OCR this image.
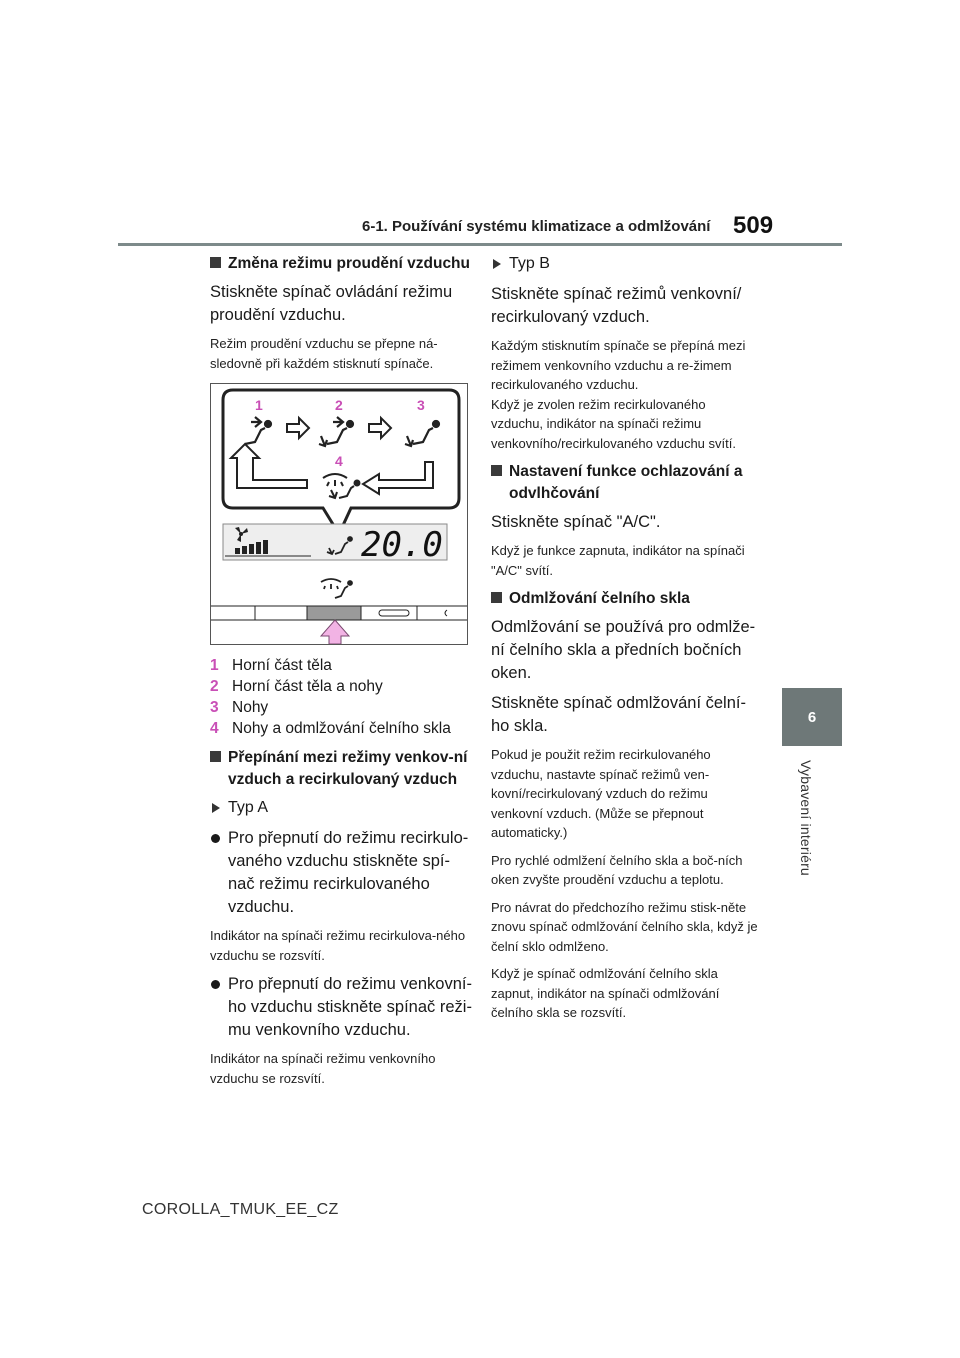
6-1. Používání systému klimatizace a odmlžování 509
6
Vybavení interiéru
Změna režimu proudění vzduchu
Stiskněte spínač ovládání režimu proudění vzduchu.
Režim proudění vzduchu se přepne ná-sledovně při každém stisknutí spínače.
1	2	3
4
20.0
1 Horní část těla
2 Horní část těla a nohy
3 Nohy
4 Nohy a odmlžování čelního skla
Přepínání mezi režimy venkov-ní vzduch a recirkulovaný vzduch
Typ A
Pro přepnutí do režimu recirkulo-vaného vzduchu stiskněte spí-nač režimu recirkulovaného vzduchu.
Indikátor na spínači režimu recirkulova-ného vzduchu se rozsvítí.
Pro přepnutí do režimu venkovní-ho vzduchu stiskněte spínač reži-mu venkovního vzduchu.
Indikátor na spínači režimu venkovního vzduchu se rozsvítí.
Typ B
Stiskněte spínač režimů venkovní/ recirkulovaný vzduch.
Každým stisknutím spínače se přepíná mezi režimem venkovního vzduchu a re-žimem recirkulovaného vzduchu.
Když je zvolen režim recirkulovaného vzduchu, indikátor na spínači režimu venkovního/recirkulovaného vzduchu svítí.
Nastavení funkce ochlazování a odvlhčování
Stiskněte spínač "A/C".
Když je funkce zapnuta, indikátor na spínači "A/C" svítí.
Odmlžování čelního skla
Odmlžování se používá pro odmlže-ní čelního skla a předních bočních oken.
Stiskněte spínač odmlžování čelní-ho skla.
Pokud je použit režim recirkulovaného vzduchu, nastavte spínač režimů ven-kovní/recirkulovaný vzduch do režimu venkovní vzduch. (Může se přepnout automaticky.)
Pro rychlé odmlžení čelního skla a boč-ních oken zvyšte proudění vzduchu a teplotu.
Pro návrat do předchozího režimu stisk-něte znovu spínač odmlžování čelního skla, když je čelní sklo odmlženo.
Když je spínač odmlžování čelního skla zapnut, indikátor na spínači odmlžování čelního skla se rozsvítí.
COROLLA_TMUK_EE_CZ
